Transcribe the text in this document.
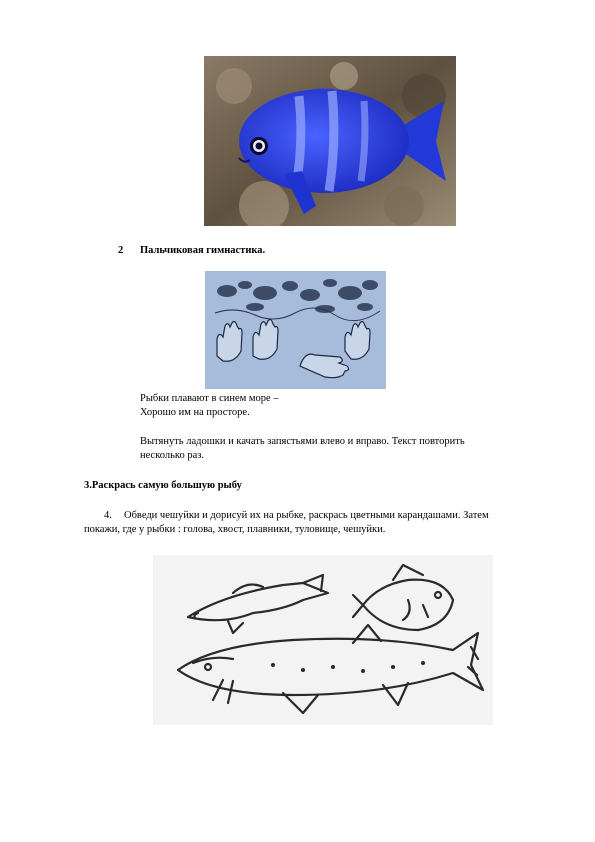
2 Пальчиковая гимнастика.
Рыбки плавают в синем море –
Хорошо им на просторе.
Вытянуть ладошки и качать запястьями влево и вправо. Текст повторить
несколько раз.
3.Раскрась самую большую рыбу
4. Обведи чешуйки и дорисуй их на рыбке, раскрась цветными карандашами. Затем
покажи, где у рыбки : голова, хвост, плавники, туловище, чешуйки.
